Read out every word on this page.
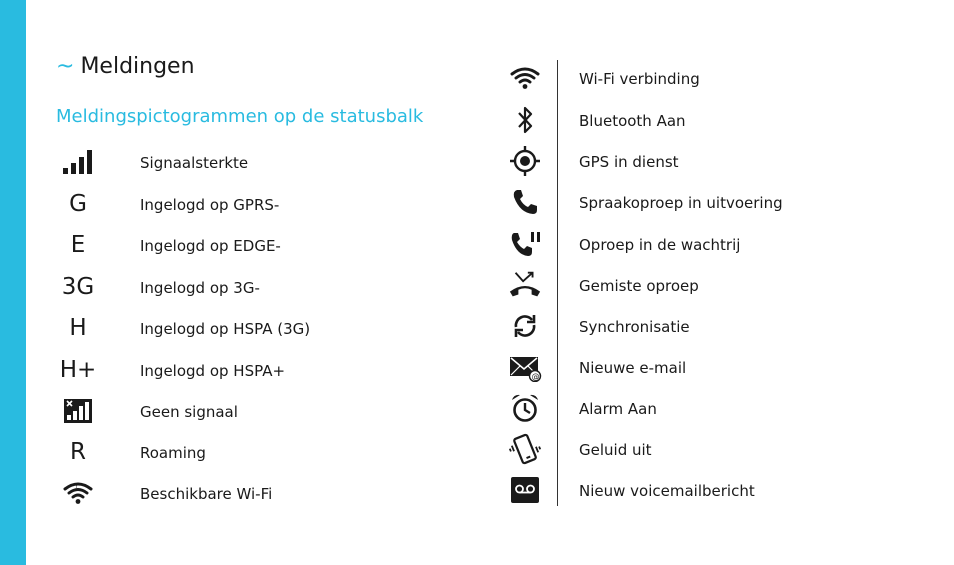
~ Meldingen
Meldingspictogrammen op de statusbalk
Signaalsterkte
G	Ingelogd op GPRS-
E	Ingelogd op EDGE-
3G	Ingelogd op 3G-
H	Ingelogd op HSPA (3G)
H+	Ingelogd op HSPA+
Geen signaal
R	Roaming
?	Beschikbare Wi-Fi
Wi-Fi verbinding
Bluetooth Aan
GPS in dienst
Spraakoproep in uitvoering
Oproep in de wachtrij
Gemiste oproep
Synchronisatie
@	Nieuwe e-mail
Alarm Aan
Geluid uit
Nieuw voicemailbericht
